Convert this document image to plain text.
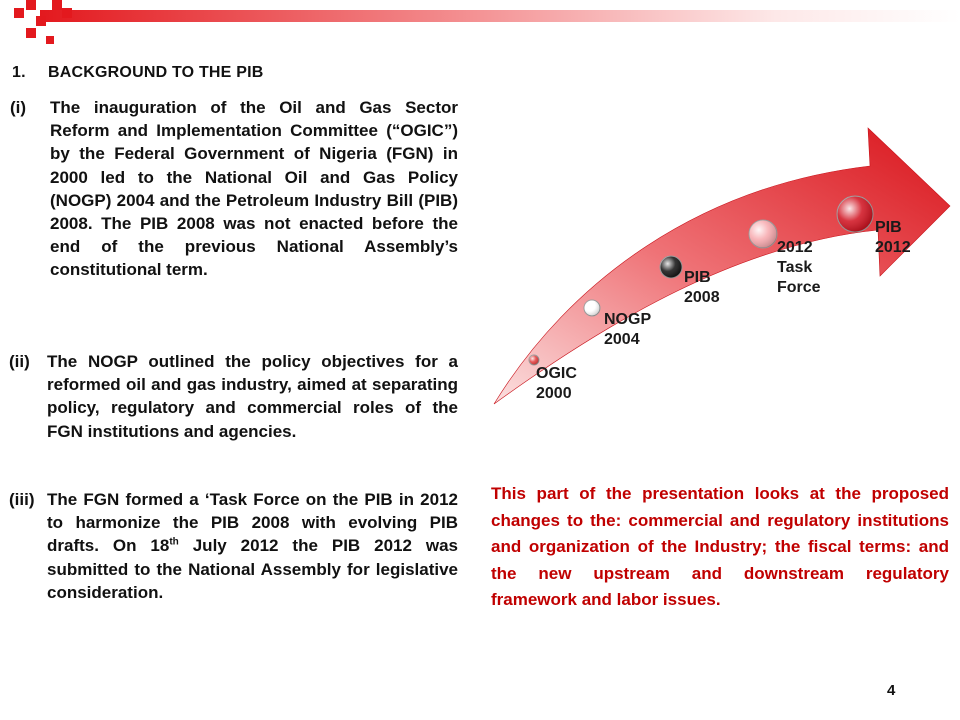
1. BACKGROUND TO THE PIB
(i) The inauguration of the Oil and Gas Sector Reform and Implementation Committee (“OGIC”) by the Federal Government of Nigeria (FGN) in 2000 led to the National Oil and Gas Policy (NOGP) 2004 and the Petroleum Industry Bill (PIB) 2008. The PIB 2008 was not enacted before the end of the previous National Assembly’s constitutional term.
(ii) The NOGP outlined the policy objectives for a reformed oil and gas industry, aimed at separating policy, regulatory and commercial roles of the FGN institutions and agencies.
(iii) The FGN formed a ‘Task Force on the PIB in 2012 to harmonize the PIB 2008 with evolving PIB drafts. On 18th July 2012 the PIB 2012 was submitted to the National Assembly for legislative consideration.
OGIC 2000
NOGP 2004
PIB 2008
2012 Task Force
PIB 2012
This part of the presentation looks at the proposed changes to the: commercial and regulatory institutions and organization of the Industry; the fiscal terms: and the new upstream and downstream regulatory framework and labor issues.
4
